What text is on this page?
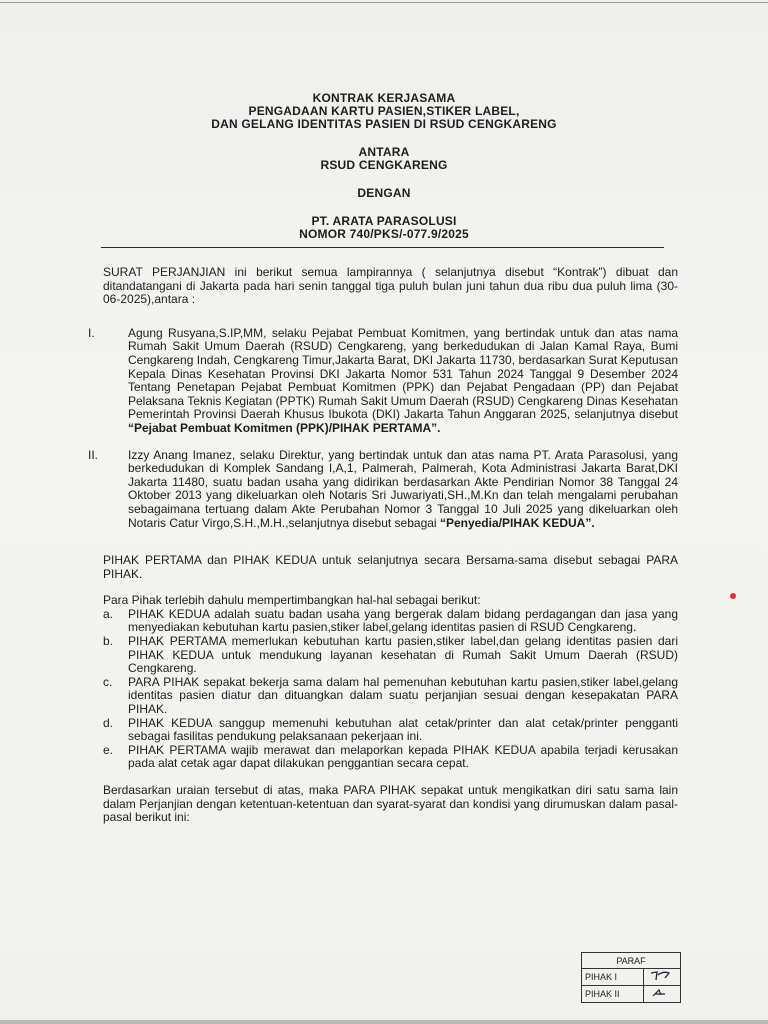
KONTRAK KERJASAMA
PENGADAAN KARTU PASIEN,STIKER LABEL,
DAN GELANG IDENTITAS PASIEN DI RSUD CENGKARENG
ANTARA
RSUD CENGKARENG
DENGAN
PT. ARATA PARASOLUSI
NOMOR 740/PKS/-077.9/2025
SURAT PERJANJIAN ini berikut semua lampirannya ( selanjutnya disebut “Kontrak”) dibuat dan ditandatangani di Jakarta pada hari senin tanggal tiga puluh bulan juni tahun dua ribu dua puluh lima (30-06-2025),antara :
I.	Agung Rusyana,S.IP,MM, selaku Pejabat Pembuat Komitmen, yang bertindak untuk dan atas nama Rumah Sakit Umum Daerah (RSUD) Cengkareng, yang berkedudukan di Jalan Kamal Raya, Bumi Cengkareng Indah, Cengkareng Timur,Jakarta Barat, DKI Jakarta 11730, berdasarkan Surat Keputusan Kepala Dinas Kesehatan Provinsi DKI Jakarta Nomor 531 Tahun 2024 Tanggal 9 Desember 2024 Tentang Penetapan Pejabat Pembuat Komitmen (PPK) dan Pejabat Pengadaan (PP) dan Pejabat Pelaksana Teknis Kegiatan (PPTK) Rumah Sakit Umum Daerah (RSUD) Cengkareng Dinas Kesehatan Pemerintah Provinsi Daerah Khusus Ibukota (DKI) Jakarta Tahun Anggaran 2025, selanjutnya disebut “Pejabat Pembuat Komitmen (PPK)/PIHAK PERTAMA”.
II. Izzy Anang Imanez, selaku Direktur, yang bertindak untuk dan atas nama PT. Arata Parasolusi, yang berkedudukan di Komplek Sandang I,A,1, Palmerah, Palmerah, Kota Administrasi Jakarta Barat,DKI Jakarta 11480, suatu badan usaha yang didirikan berdasarkan Akte Pendirian Nomor 38 Tanggal 24 Oktober 2013 yang dikeluarkan oleh Notaris Sri Juwariyati,SH.,M.Kn dan telah mengalami perubahan sebagaimana tertuang dalam Akte Perubahan Nomor 3 Tanggal 10 Juli 2025 yang dikeluarkan oleh Notaris Catur Virgo,S.H.,M.H.,selanjutnya disebut sebagai “Penyedia/PIHAK KEDUA”.
PIHAK PERTAMA dan PIHAK KEDUA untuk selanjutnya secara Bersama-sama disebut sebagai PARA PIHAK.
Para Pihak terlebih dahulu mempertimbangkan hal-hal sebagai berikut:
a. PIHAK KEDUA adalah suatu badan usaha yang bergerak dalam bidang perdagangan dan jasa yang menyediakan kebutuhan kartu pasien,stiker label,gelang identitas pasien di RSUD Cengkareng.
b. PIHAK PERTAMA memerlukan kebutuhan kartu pasien,stiker label,dan gelang identitas pasien dari PIHAK KEDUA untuk mendukung layanan kesehatan di Rumah Sakit Umum Daerah (RSUD) Cengkareng.
c. PARA PIHAK sepakat bekerja sama dalam hal pemenuhan kebutuhan kartu pasien,stiker label,gelang identitas pasien diatur dan dituangkan dalam suatu perjanjian sesuai dengan kesepakatan PARA PIHAK.
d. PIHAK KEDUA sanggup memenuhi kebutuhan alat cetak/printer dan alat cetak/printer pengganti sebagai fasilitas pendukung pelaksanaan pekerjaan ini.
e. PIHAK PERTAMA wajib merawat dan melaporkan kepada PIHAK KEDUA apabila terjadi kerusakan pada alat cetak agar dapat dilakukan penggantian secara cepat.
Berdasarkan uraian tersebut di atas, maka PARA PIHAK sepakat untuk mengikatkan diri satu sama lain dalam Perjanjian dengan ketentuan-ketentuan dan syarat-syarat dan kondisi yang dirumuskan dalam pasal-pasal berikut ini:
PARAF	
PIHAK I	
PIHAK II	
